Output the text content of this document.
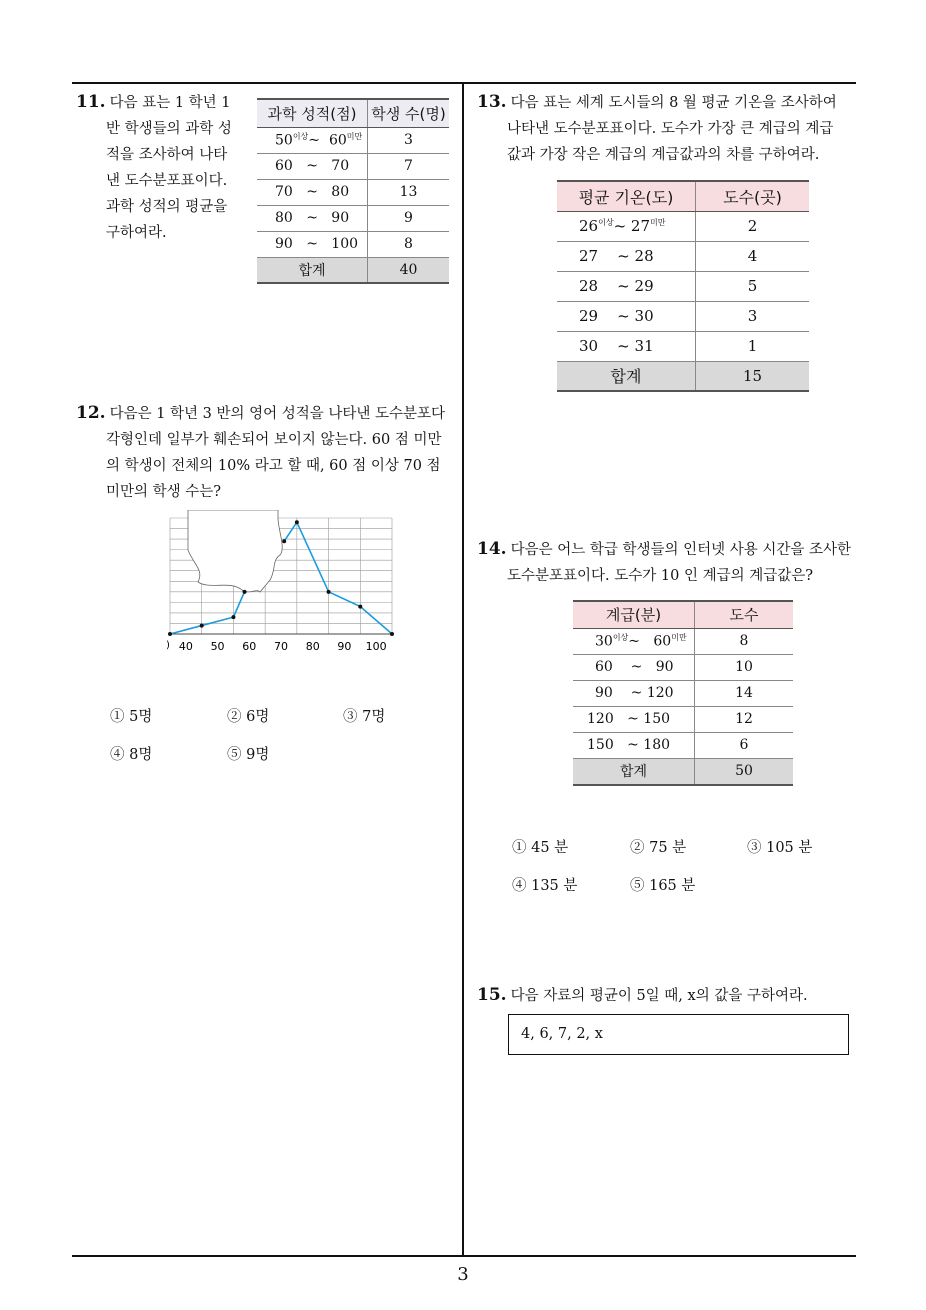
11. 다음 표는 1 학년 1
반 학생들의 과학 성
적을 조사하여 나타
낸 도수분포표이다.
과학 성적의 평균을
구하여라.
과학 성적(점)	학생 수(명)
$50^{이상}\sim$ $60^{미만}$	3
60 ~ 70	7
70 ~ 80	13
80 ~ 90	9
90 ~ 100	8
합계	40
12. 다음은 1 학년 3 반의 영어 성적을 나타낸 도수분포다
각형인데 일부가 훼손되어 보이지 않는다. 60 점 미만
의 학생이 전체의 10% 라고 할 때, 60 점 이상 70 점
미만의 학생 수는?
40 50 60 70 80 90 100
)
① 5명	② 6명	③ 7명
④ 8명	⑤ 9명
13. 다음 표는 세계 도시들의 8 월 평균 기온을 조사하여
나타낸 도수분포표이다. 도수가 가장 큰 계급의 계급
값과 가장 작은 계급의 계급값과의 차를 구하여라.
평균 기온(도)	도수(곳)
$26^{이상}\sim$ $27^{미만}$	2
27 ~ 28	4
28 ~ 29	5
29 ~ 30	3
30 ~ 31	1
합계	15
14. 다음은 어느 학급 학생들의 인터넷 사용 시간을 조사한
도수분포표이다. 도수가 10 인 계급의 계급값은?
계급(분)	도수
$30^{이상}\sim$ $60^{미만}$	8
60 ~ 90	10
90 ~ 120	14
120 ~ 150	12
150 ~ 180	6
합계	50
① 45 분	② 75 분	③ 105 분
④ 135 분	⑤ 165 분
15. 다음 자료의 평균이 5일 때, x의 값을 구하여라.
4, 6, 7, 2, x
3
